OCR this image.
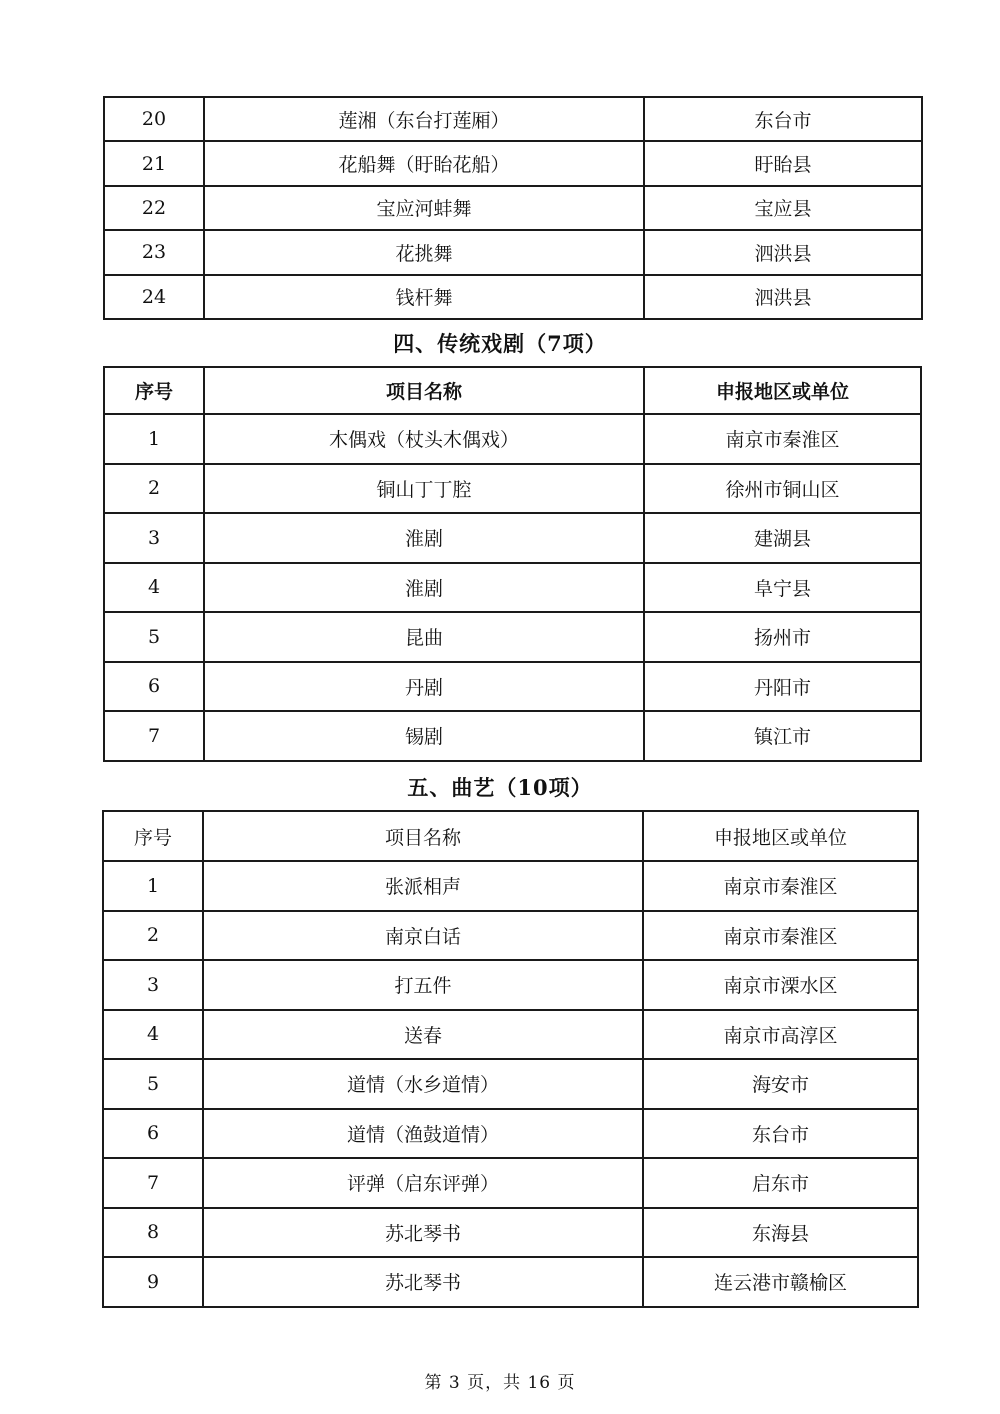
20	莲湘（东台打莲厢）	东台市
21	花船舞（盱眙花船）	盱眙县
22	宝应河蚌舞	宝应县
23	花挑舞	泗洪县
24	钱杆舞	泗洪县
四、传统戏剧（7项）
序号	项目名称	申报地区或单位
1	木偶戏（杖头木偶戏）	南京市秦淮区
2	铜山丁丁腔	徐州市铜山区
3	淮剧	建湖县
4	淮剧	阜宁县
5	昆曲	扬州市
6	丹剧	丹阳市
7	锡剧	镇江市
五、曲艺（10项）
序号	项目名称	申报地区或单位
1	张派相声	南京市秦淮区
2	南京白话	南京市秦淮区
3	打五件	南京市溧水区
4	送春	南京市高淳区
5	道情（水乡道情）	海安市
6	道情（渔鼓道情）	东台市
7	评弹（启东评弹）	启东市
8	苏北琴书	东海县
9	苏北琴书	连云港市赣榆区
第 3 页，共 16 页
